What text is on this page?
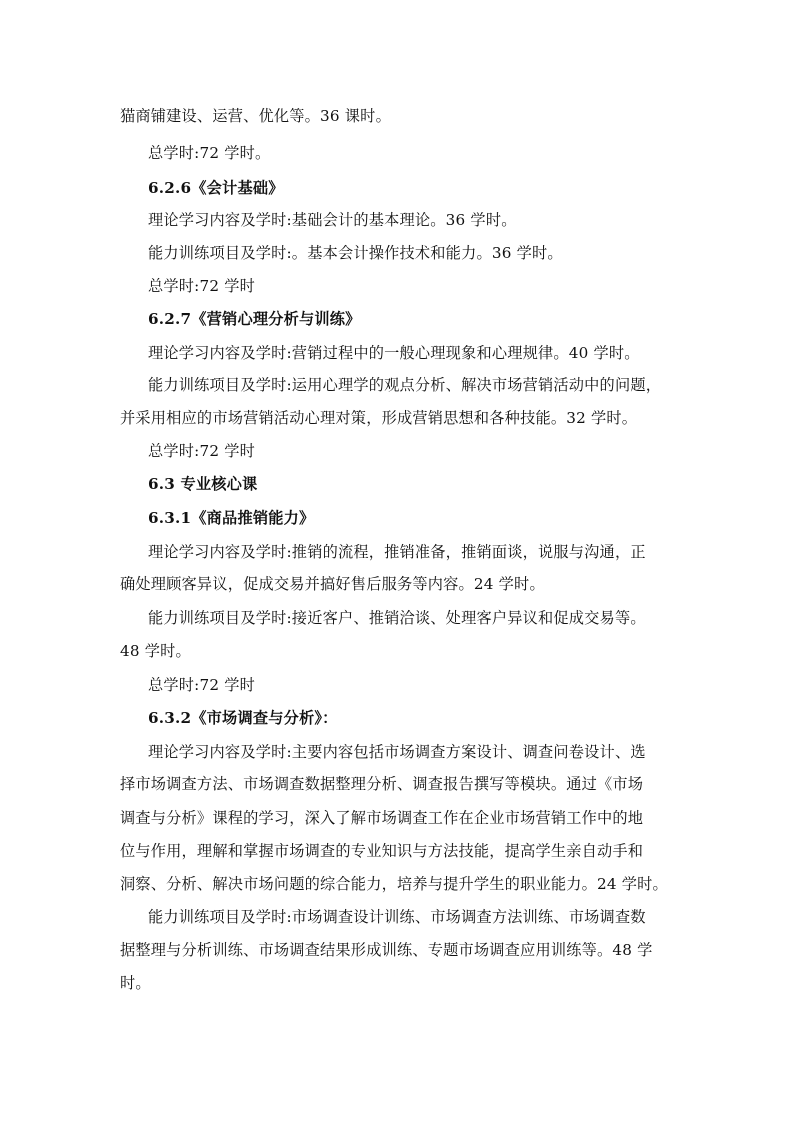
猫商铺建设、运营、优化等。36 课时。
总学时:72 学时。
6.2.6《会计基础》
理论学习内容及学时:基础会计的基本理论。36 学时。
能力训练项目及学时:。基本会计操作技术和能力。36 学时。
总学时:72 学时
6.2.7《营销心理分析与训练》
理论学习内容及学时:营销过程中的一般心理现象和心理规律。40 学时。
能力训练项目及学时:运用心理学的观点分析、解决市场营销活动中的问题，
并采用相应的市场营销活动心理对策，形成营销思想和各种技能。32 学时。
总学时:72 学时
6.3 专业核心课
6.3.1《商品推销能力》
理论学习内容及学时:推销的流程，推销准备，推销面谈，说服与沟通，正
确处理顾客异议，促成交易并搞好售后服务等内容。24 学时。
能力训练项目及学时:接近客户、推销洽谈、处理客户异议和促成交易等。
48 学时。
总学时:72 学时
6.3.2《市场调查与分析》：
理论学习内容及学时:主要内容包括市场调查方案设计、调查问卷设计、选
择市场调查方法、市场调查数据整理分析、调查报告撰写等模块。通过《市场
调查与分析》课程的学习，深入了解市场调查工作在企业市场营销工作中的地
位与作用，理解和掌握市场调查的专业知识与方法技能，提高学生亲自动手和
洞察、分析、解决市场问题的综合能力，培养与提升学生的职业能力。24 学时。
能力训练项目及学时:市场调查设计训练、市场调查方法训练、市场调查数
据整理与分析训练、市场调查结果形成训练、专题市场调查应用训练等。48 学
时。
